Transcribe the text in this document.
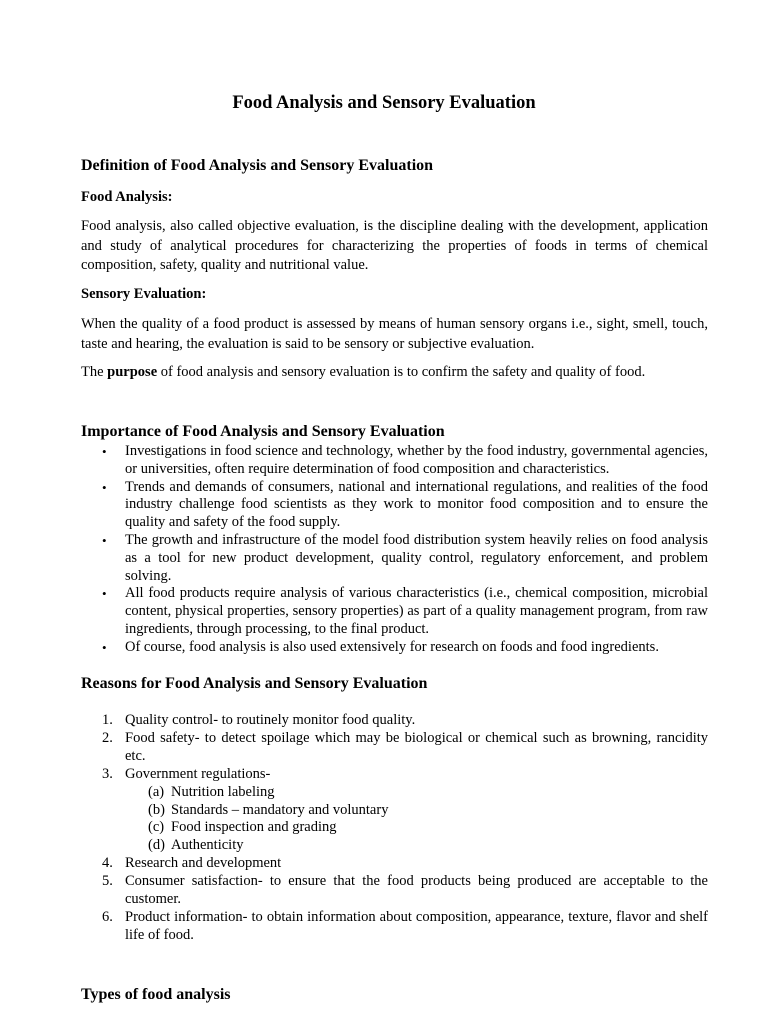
Food Analysis and Sensory Evaluation
Definition of Food Analysis and Sensory Evaluation
Food Analysis:

Food analysis, also called objective evaluation, is the discipline dealing with the development, application and study of analytical procedures for characterizing the properties of foods in terms of chemical composition, safety, quality and nutritional value.

Sensory Evaluation:

When the quality of a food product is assessed by means of human sensory organs i.e., sight, smell, touch, taste and hearing, the evaluation is said to be sensory or subjective evaluation.

The purpose of food analysis and sensory evaluation is to confirm the safety and quality of food.

Importance of Food Analysis and Sensory Evaluation
• Investigations in food science and technology, whether by the food industry, governmental agencies, or universities, often require determination of food composition and characteristics.
• Trends and demands of consumers, national and international regulations, and realities of the food industry challenge food scientists as they work to monitor food composition and to ensure the quality and safety of the food supply.
• The growth and infrastructure of the model food distribution system heavily relies on food analysis as a tool for new product development, quality control, regulatory enforcement, and problem solving.
• All food products require analysis of various characteristics (i.e., chemical composition, microbial content, physical properties, sensory properties) as part of a quality management program, from raw ingredients, through processing, to the final product.
• Of course, food analysis is also used extensively for research on foods and food ingredients.
Reasons for Food Analysis and Sensory Evaluation
1. Quality control- to routinely monitor food quality.
2. Food safety- to detect spoilage which may be biological or chemical such as browning, rancidity etc.
3. Government regulations-
(a) Nutrition labeling
(b) Standards – mandatory and voluntary
(c) Food inspection and grading
(d) Authenticity
4. Research and development
5. Consumer satisfaction- to ensure that the food products being produced are acceptable to the customer.
6. Product information- to obtain information about composition, appearance, texture, flavor and shelf life of food.
Types of food analysis
